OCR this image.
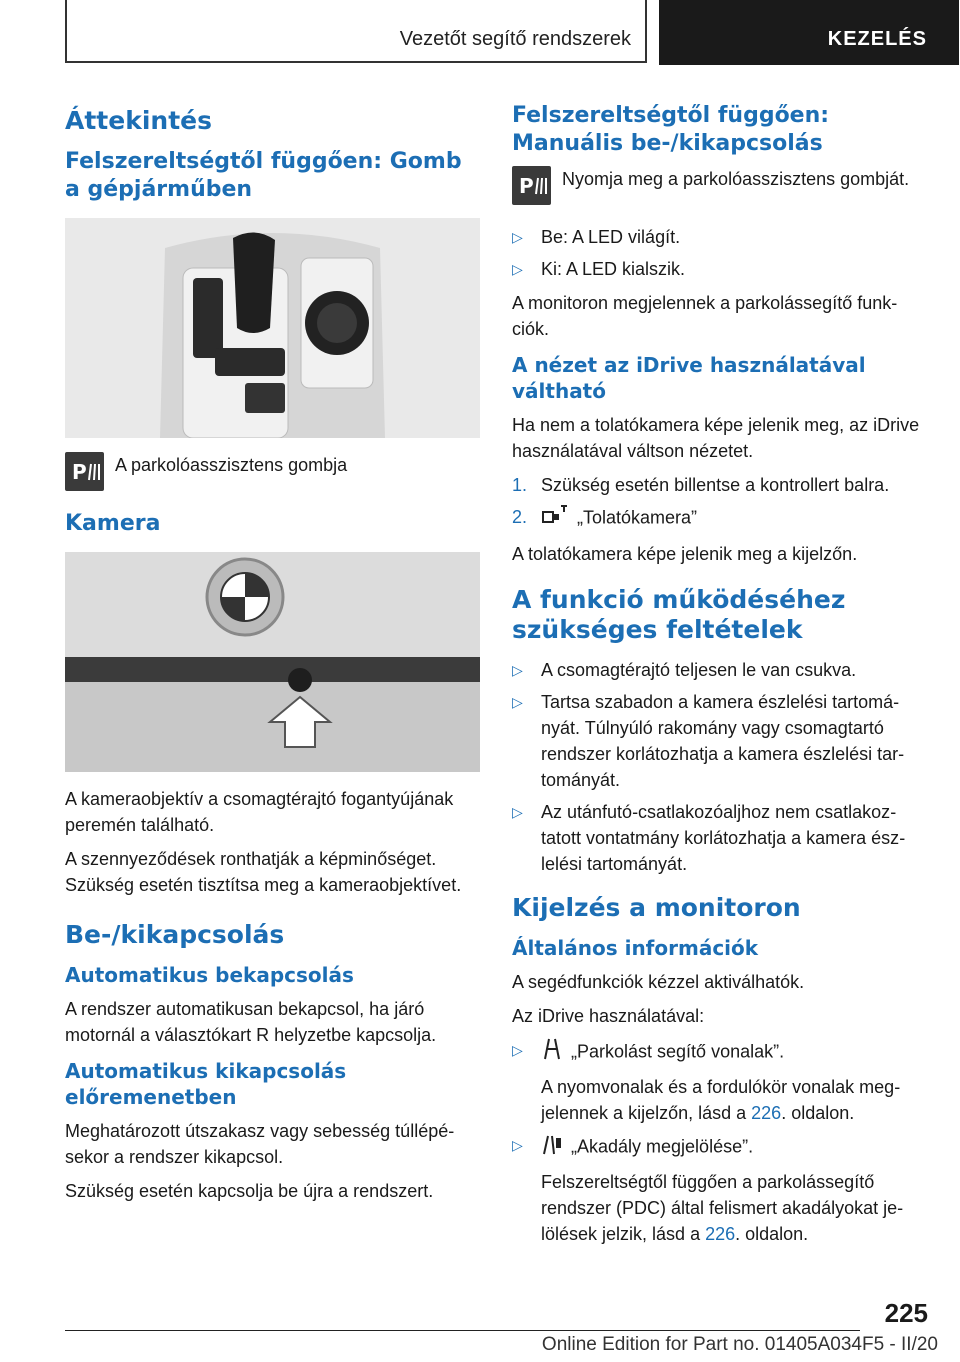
Vezetőt segítő rendszerek	KEZELÉS
Áttekintés
Felszereltségtől függően: Gomb a gépjárműben
P A parkolóasszisztens gombja
Kamera

A kameraobjektív a csomagtérajtó fogantyújának peremén található.

A szennyeződések ronthatják a képminőséget. Szükség esetén tisztítsa meg a kameraobjektívet.

Be-/kikapcsolás
Automatikus bekapcsolás

A rendszer automatikusan bekapcsol, ha járó motornál a választókart R helyzetbe kapcsolja.

Automatikus kikapcsolás előremenetben

Meghatározott útszakasz vagy sebesség túllépésekor a rendszer kikapcsol.

Szükség esetén kapcsolja be újra a rendszert.

Felszereltségtől függően: Manuális be-/kikapcsolás
P Nyomja meg a parkolóasszisztens gombját.
▷ Be: A LED világít.
▷ Ki: A LED kialszik.

A monitoron megjelennek a parkolássegítő funkciók.

A nézet az iDrive használatával váltható

Ha nem a tolatókamera képe jelenik meg, az iDrive használatával váltson nézetet.

1. Szükség esetén billentse a kontrollert balra.
2.	„Tolatókamera”

A tolatókamera képe jelenik meg a kijelzőn.

A funkció működéséhez szükséges feltételek
▷ A csomagtérajtó teljesen le van csukva.
▷ Tartsa szabadon a kamera észlelési tartományát. Túlnyúló rakomány vagy csomagtartó rendszer korlátozhatja a kamera észlelési tartományát.
▷ Az utánfutó-csatlakozóaljhoz nem csatlakoztatott vontatmány korlátozhatja a kamera észlelési tartományát.
Kijelzés a monitoron
Általános információk

A segédfunkciók kézzel aktiválhatók.

Az iDrive használatával:

▷	„Parkolást segítő vonalak”.
A nyomvonalak és a fordulókör vonalak megjelennek a kijelzőn, lásd a 226. oldalon.
▷	„Akadály megjelölése”.
Felszereltségtől függően a parkolássegítő rendszer (PDC) által felismert akadályokat jelölések jelzik, lásd a 226. oldalon.
225
Online Edition for Part no. 01405A034F5 - II/20
